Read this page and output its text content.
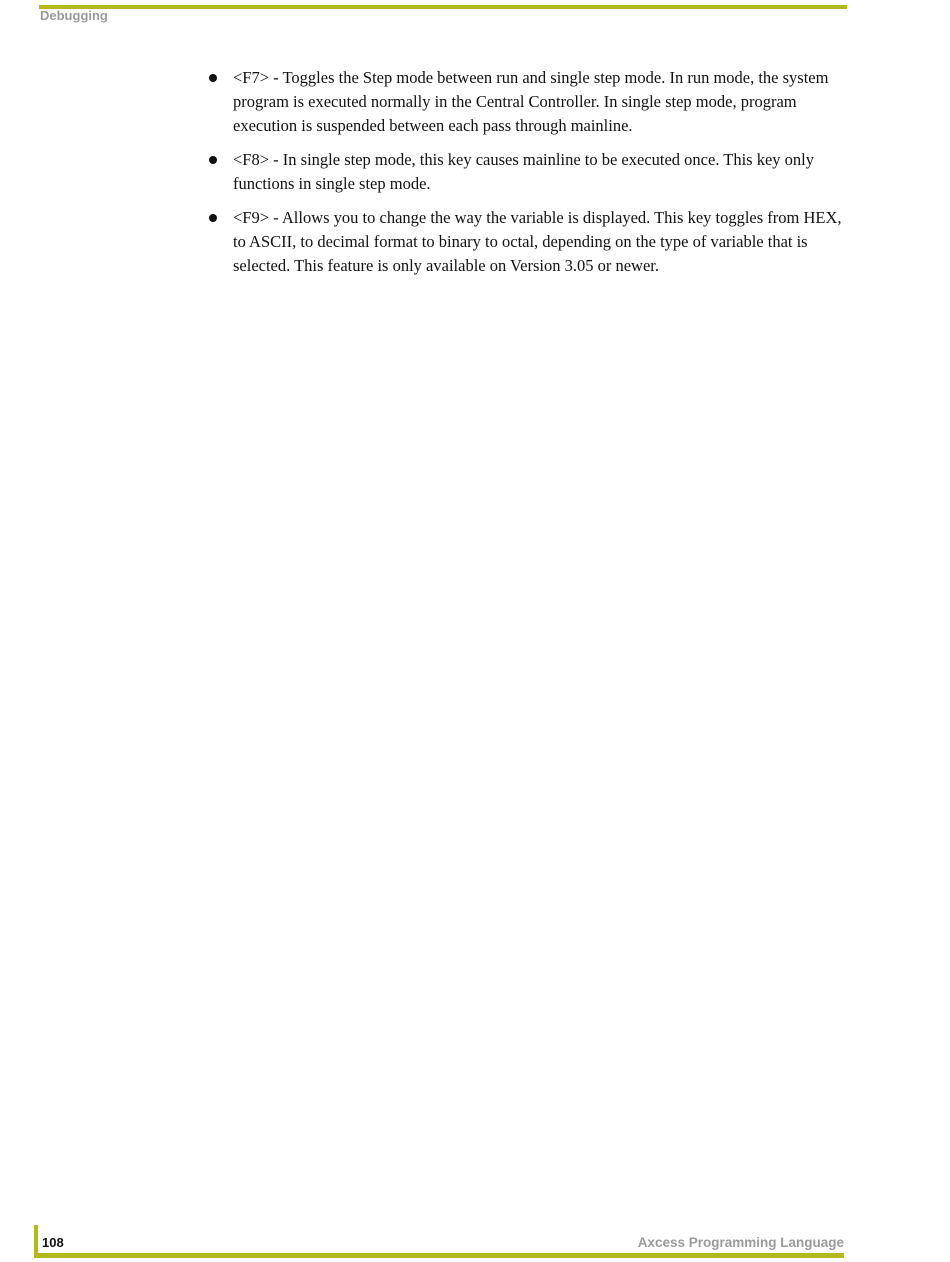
Debugging
<F7> - Toggles the Step mode between run and single step mode. In run mode, the system program is executed normally in the Central Controller. In single step mode, program execution is suspended between each pass through mainline.
<F8> - In single step mode, this key causes mainline to be executed once. This key only functions in single step mode.
<F9> - Allows you to change the way the variable is displayed. This key toggles from HEX, to ASCII, to decimal format to binary to octal, depending on the type of variable that is selected. This feature is only available on Version 3.05 or newer.
108	Axcess Programming Language
